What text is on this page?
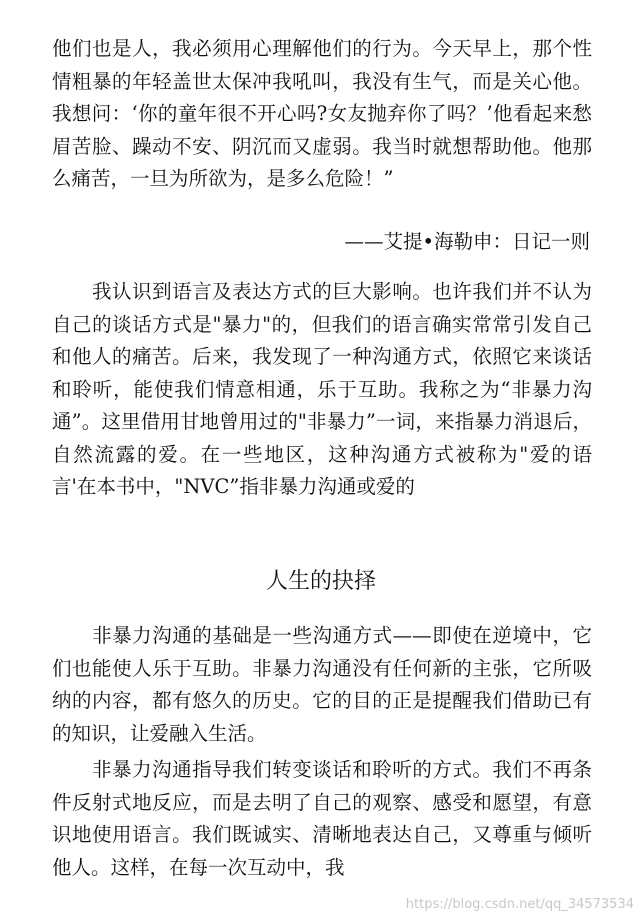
他们也是人，我必须用心理解他们的行为。今天早上，那个性情粗暴的年轻盖世太保冲我吼叫，我没有生气，而是关心他。我想问：‘你的童年很不开心吗?女友抛弃你了吗？’他看起来愁眉苦脸、躁动不安、阴沉而又虚弱。我当时就想帮助他。他那么痛苦，一旦为所欲为，是多么危险！”

——艾提•海勒申：日记一则

　　我认识到语言及表达方式的巨大影响。也许我们并不认为自己的谈话方式是"暴力"的，但我们的语言确实常常引发自己和他人的痛苦。后来，我发现了一种沟通方式，依照它来谈话和聆听，能使我们情意相通，乐于互助。我称之为“非暴力沟通”。这里借用甘地曾用过的"非暴力”一词，来指暴力消退后，自然流露的爱。在一些地区，这种沟通方式被称为"爱的语言'在本书中，"NVC”指非暴力沟通或爱的

人生的抉择

　　非暴力沟通的基础是一些沟通方式——即使在逆境中，它们也能使人乐于互助。非暴力沟通没有任何新的主张，它所吸纳的内容，都有悠久的历史。它的目的正是提醒我们借助已有的知识，让爱融入生活。

　　非暴力沟通指导我们转变谈话和聆听的方式。我们不再条件反射式地反应，而是去明了自己的观察、感受和愿望，有意识地使用语言。我们既诚实、清晰地表达自己，又尊重与倾听他人。这样，在每一次互动中，我

https://blog.csdn.net/qq_34573534
